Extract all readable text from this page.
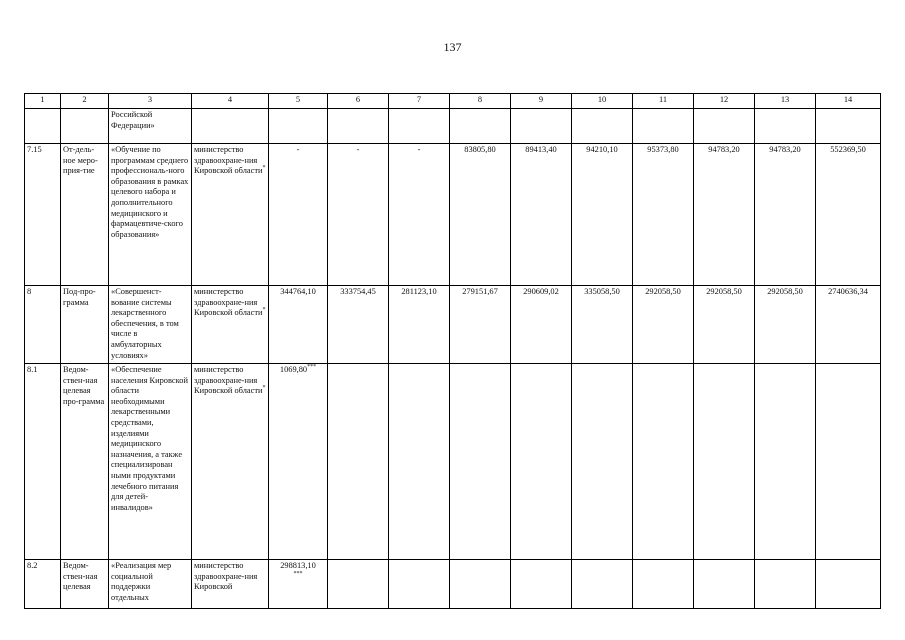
137
1	2	3	4	5	6	7	8	9	10	11	12	13	14
		Российской Федерации»											
7.15	От-дель-ное меро-прия-тие	«Обучение по программам среднего профессиональ-ного образования в рамках целевого набора и дополнительного медицинского и фармацевтиче-ского образования»	министерство здравоохране-ния Кировской области*	-	-	-	83805,80	89413,40	94210,10	95373,80	94783,20	94783,20	552369,50
8	Под-про-грамма	«Совершенст-вование системы лекарственного обеспечения, в том числе в амбулаторных условиях»	министерство здравоохране-ния Кировской области*	344764,10	333754,45	281123,10	279151,67	290609,02	335058,50	292058,50	292058,50	292058,50	2740636,34
8.1	Ведом-ствен-ная целевая про-грамма	«Обеспечение населения Кировской области необходимыми лекарственными средствами, изделиями медицинского назначения, а также специализирован ными продуктами лечебного питания для детей-инвалидов»	министерство здравоохране-ния Кировской области*	1069,80***									
8.2	Ведом-ствен-ная целевая	«Реализация мер социальной поддержки отдельных	министерство здравоохране-ния Кировской	298813,10
***									
